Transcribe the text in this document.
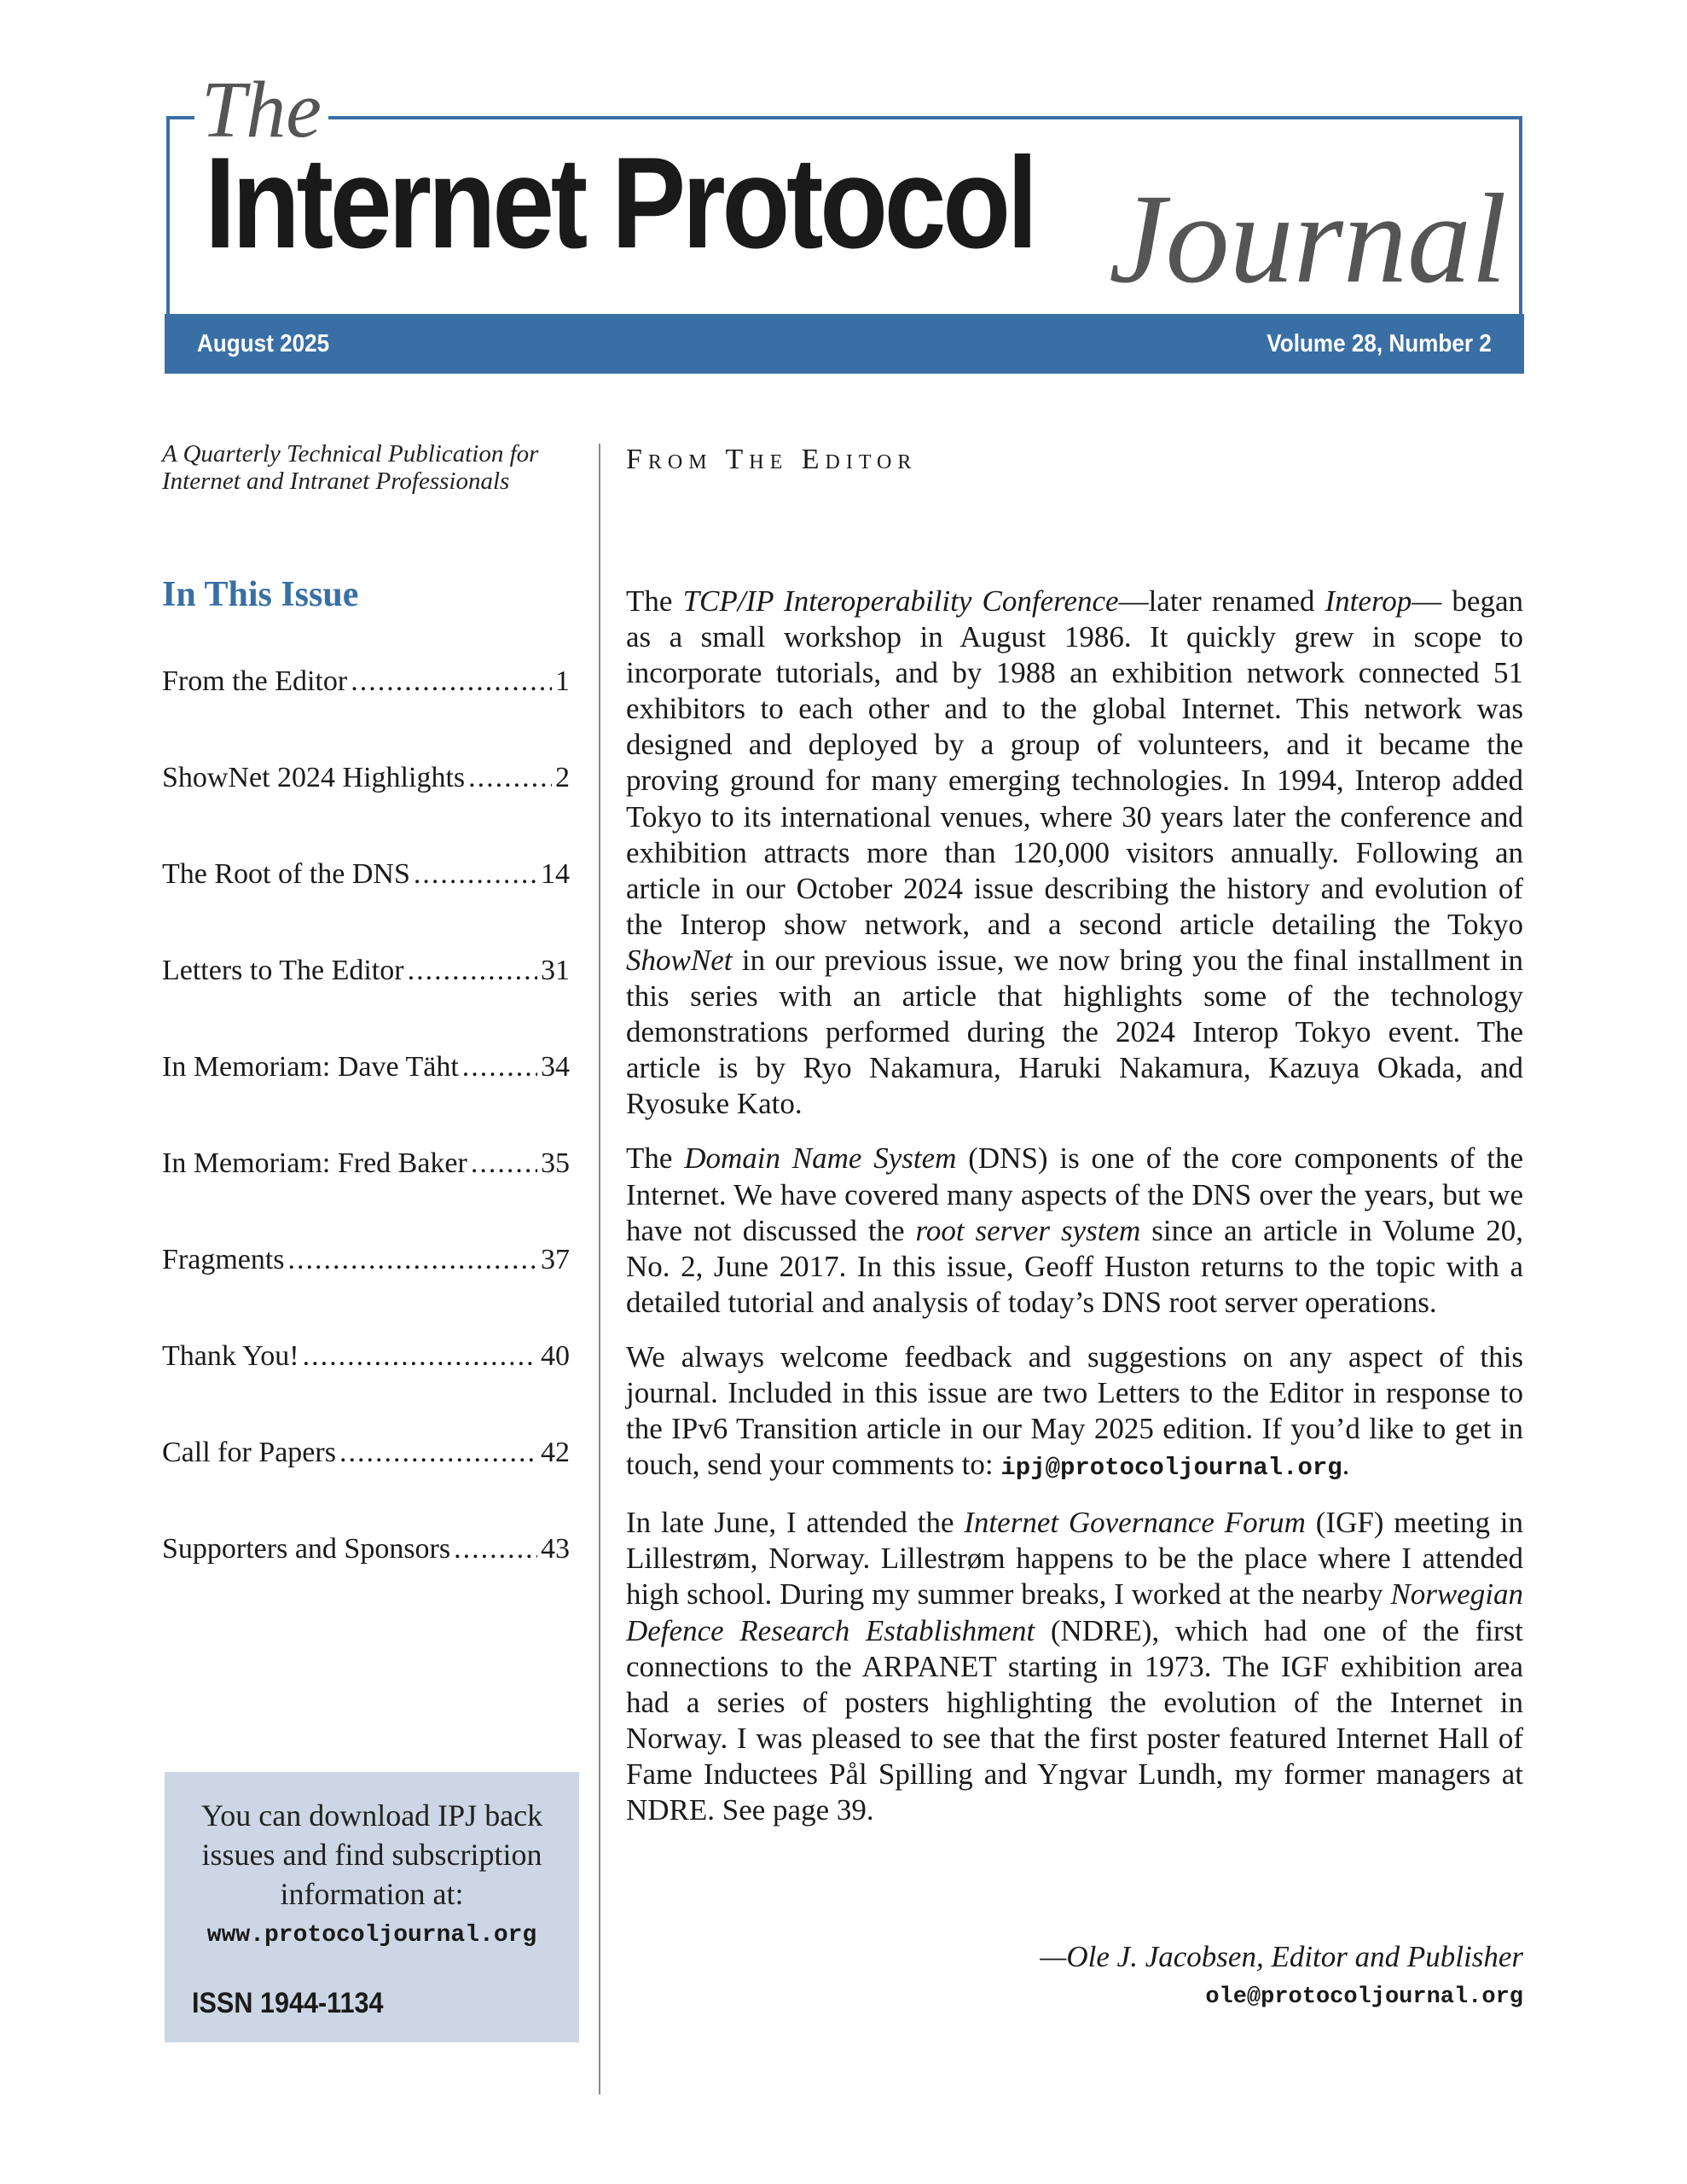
The
Internet Protocol Journal
August 2025	Volume 28, Number 2
A Quarterly Technical Publication for
Internet and Intranet Professionals
In This Issue
From the Editor .....	1
ShowNet 2024 Highlights .....	2
The Root of the DNS .....	14
Letters to The Editor .....	31
In Memoriam: Dave Täht .....	34
In Memoriam: Fred Baker .....	35
Fragments .....	37
Thank You! .....	40
Call for Papers .....	42
Supporters and Sponsors .....	43
You can download IPJ back issues and find subscription information at:
www.protocoljournal.org
ISSN 1944-1134
From The Editor

The TCP/IP Interoperability Conference—later renamed Interop— began as a small workshop in August 1986. It quickly grew in scope to incorporate tutorials, and by 1988 an exhibition network connected 51 exhibitors to each other and to the global Internet. This network was designed and deployed by a group of volunteers, and it became the proving ground for many emerging technologies. In 1994, Interop added Tokyo to its international venues, where 30 years later the conference and exhibition attracts more than 120,000 visitors annually. Following an article in our October 2024 issue describing the history and evolution of the Interop show network, and a second article detailing the Tokyo ShowNet in our previous issue, we now bring you the final installment in this series with an article that highlights some of the technology demonstrations performed during the 2024 Interop Tokyo event. The article is by Ryo Nakamura, Haruki Nakamura, Kazuya Okada, and Ryosuke Kato.

The Domain Name System (DNS) is one of the core components of the Internet. We have covered many aspects of the DNS over the years, but we have not discussed the root server system since an article in Volume 20, No. 2, June 2017. In this issue, Geoff Huston returns to the topic with a detailed tutorial and analysis of today’s DNS root server operations.

We always welcome feedback and suggestions on any aspect of this journal. Included in this issue are two Letters to the Editor in response to the IPv6 Transition article in our May 2025 edition. If you’d like to get in touch, send your comments to: ipj@protocoljournal.org.

In late June, I attended the Internet Governance Forum (IGF) meeting in Lillestrøm, Norway. Lillestrøm happens to be the place where I attended high school. During my summer breaks, I worked at the nearby Norwegian Defence Research Establishment (NDRE), which had one of the first connections to the ARPANET starting in 1973. The IGF exhibition area had a series of posters highlighting the evolution of the Internet in Norway. I was pleased to see that the first poster featured Internet Hall of Fame Inductees Pål Spilling and Yngvar Lundh, my former managers at NDRE. See page 39.

—Ole J. Jacobsen, Editor and Publisher
ole@protocoljournal.org
